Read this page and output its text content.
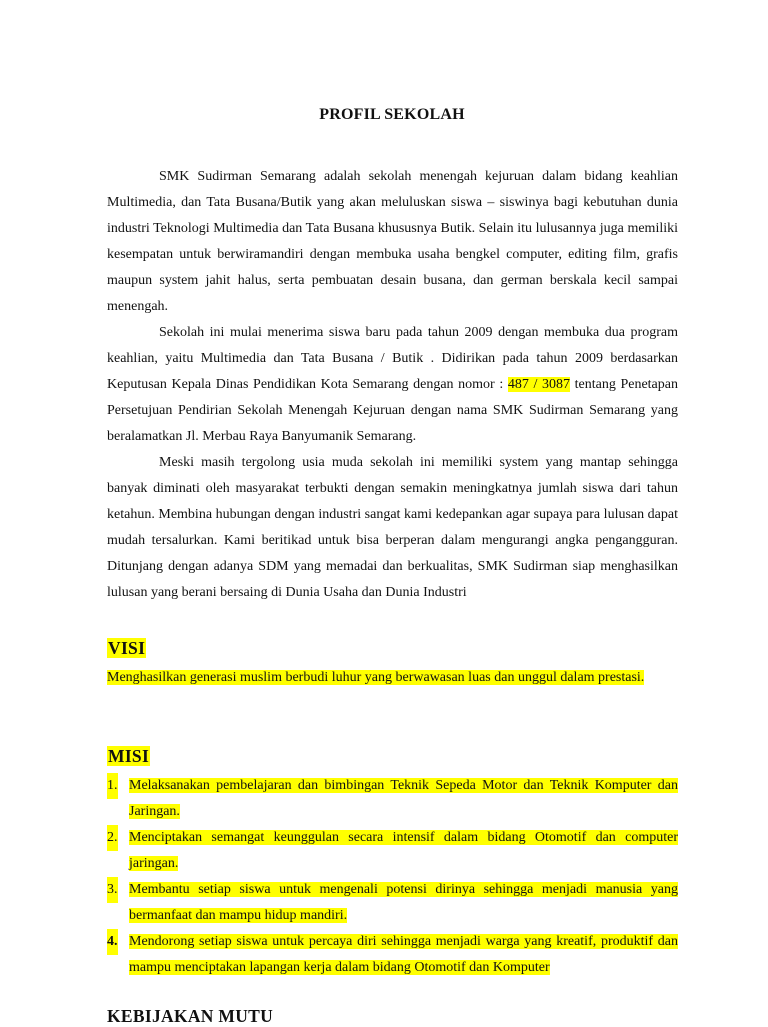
PROFIL SEKOLAH

SMK Sudirman Semarang adalah sekolah menengah kejuruan dalam bidang keahlian Multimedia, dan Tata Busana/Butik yang akan meluluskan siswa – siswinya bagi kebutuhan dunia industri Teknologi Multimedia dan Tata Busana khususnya Butik. Selain itu lulusannya juga memiliki kesempatan untuk berwiramandiri dengan membuka usaha bengkel computer, editing film, grafis maupun system jahit halus, serta pembuatan desain busana, dan german berskala kecil sampai menengah.

Sekolah ini mulai menerima siswa baru pada tahun 2009 dengan membuka dua program keahlian, yaitu Multimedia dan Tata Busana / Butik . Didirikan pada tahun 2009 berdasarkan Keputusan Kepala Dinas Pendidikan Kota Semarang dengan nomor : 487 / 3087 tentang Penetapan Persetujuan Pendirian Sekolah Menengah Kejuruan dengan nama SMK Sudirman Semarang yang beralamatkan Jl. Merbau Raya Banyumanik Semarang.

Meski masih tergolong usia muda sekolah ini memiliki system yang mantap sehingga banyak diminati oleh masyarakat terbukti dengan semakin meningkatnya jumlah siswa dari tahun ketahun. Membina hubungan dengan industri sangat kami kedepankan agar supaya para lulusan dapat mudah tersalurkan. Kami beritikad untuk bisa berperan dalam mengurangi angka pengangguran. Ditunjang dengan adanya SDM yang memadai dan berkualitas, SMK Sudirman siap menghasilkan lulusan yang berani bersaing di Dunia Usaha dan Dunia Industri

VISI
Menghasilkan generasi muslim berbudi luhur yang berwawasan luas dan unggul dalam prestasi.
MISI
1. Melaksanakan pembelajaran dan bimbingan Teknik Sepeda Motor dan Teknik Komputer dan Jaringan.
2. Menciptakan semangat keunggulan secara intensif dalam bidang Otomotif dan computer jaringan.
3. Membantu setiap siswa untuk mengenali potensi dirinya sehingga menjadi manusia yang bermanfaat dan mampu hidup mandiri.
4. Mendorong setiap siswa untuk percaya diri sehingga menjadi warga yang kreatif, produktif dan mampu menciptakan lapangan kerja dalam bidang Otomotif dan Komputer
KEBIJAKAN MUTU
